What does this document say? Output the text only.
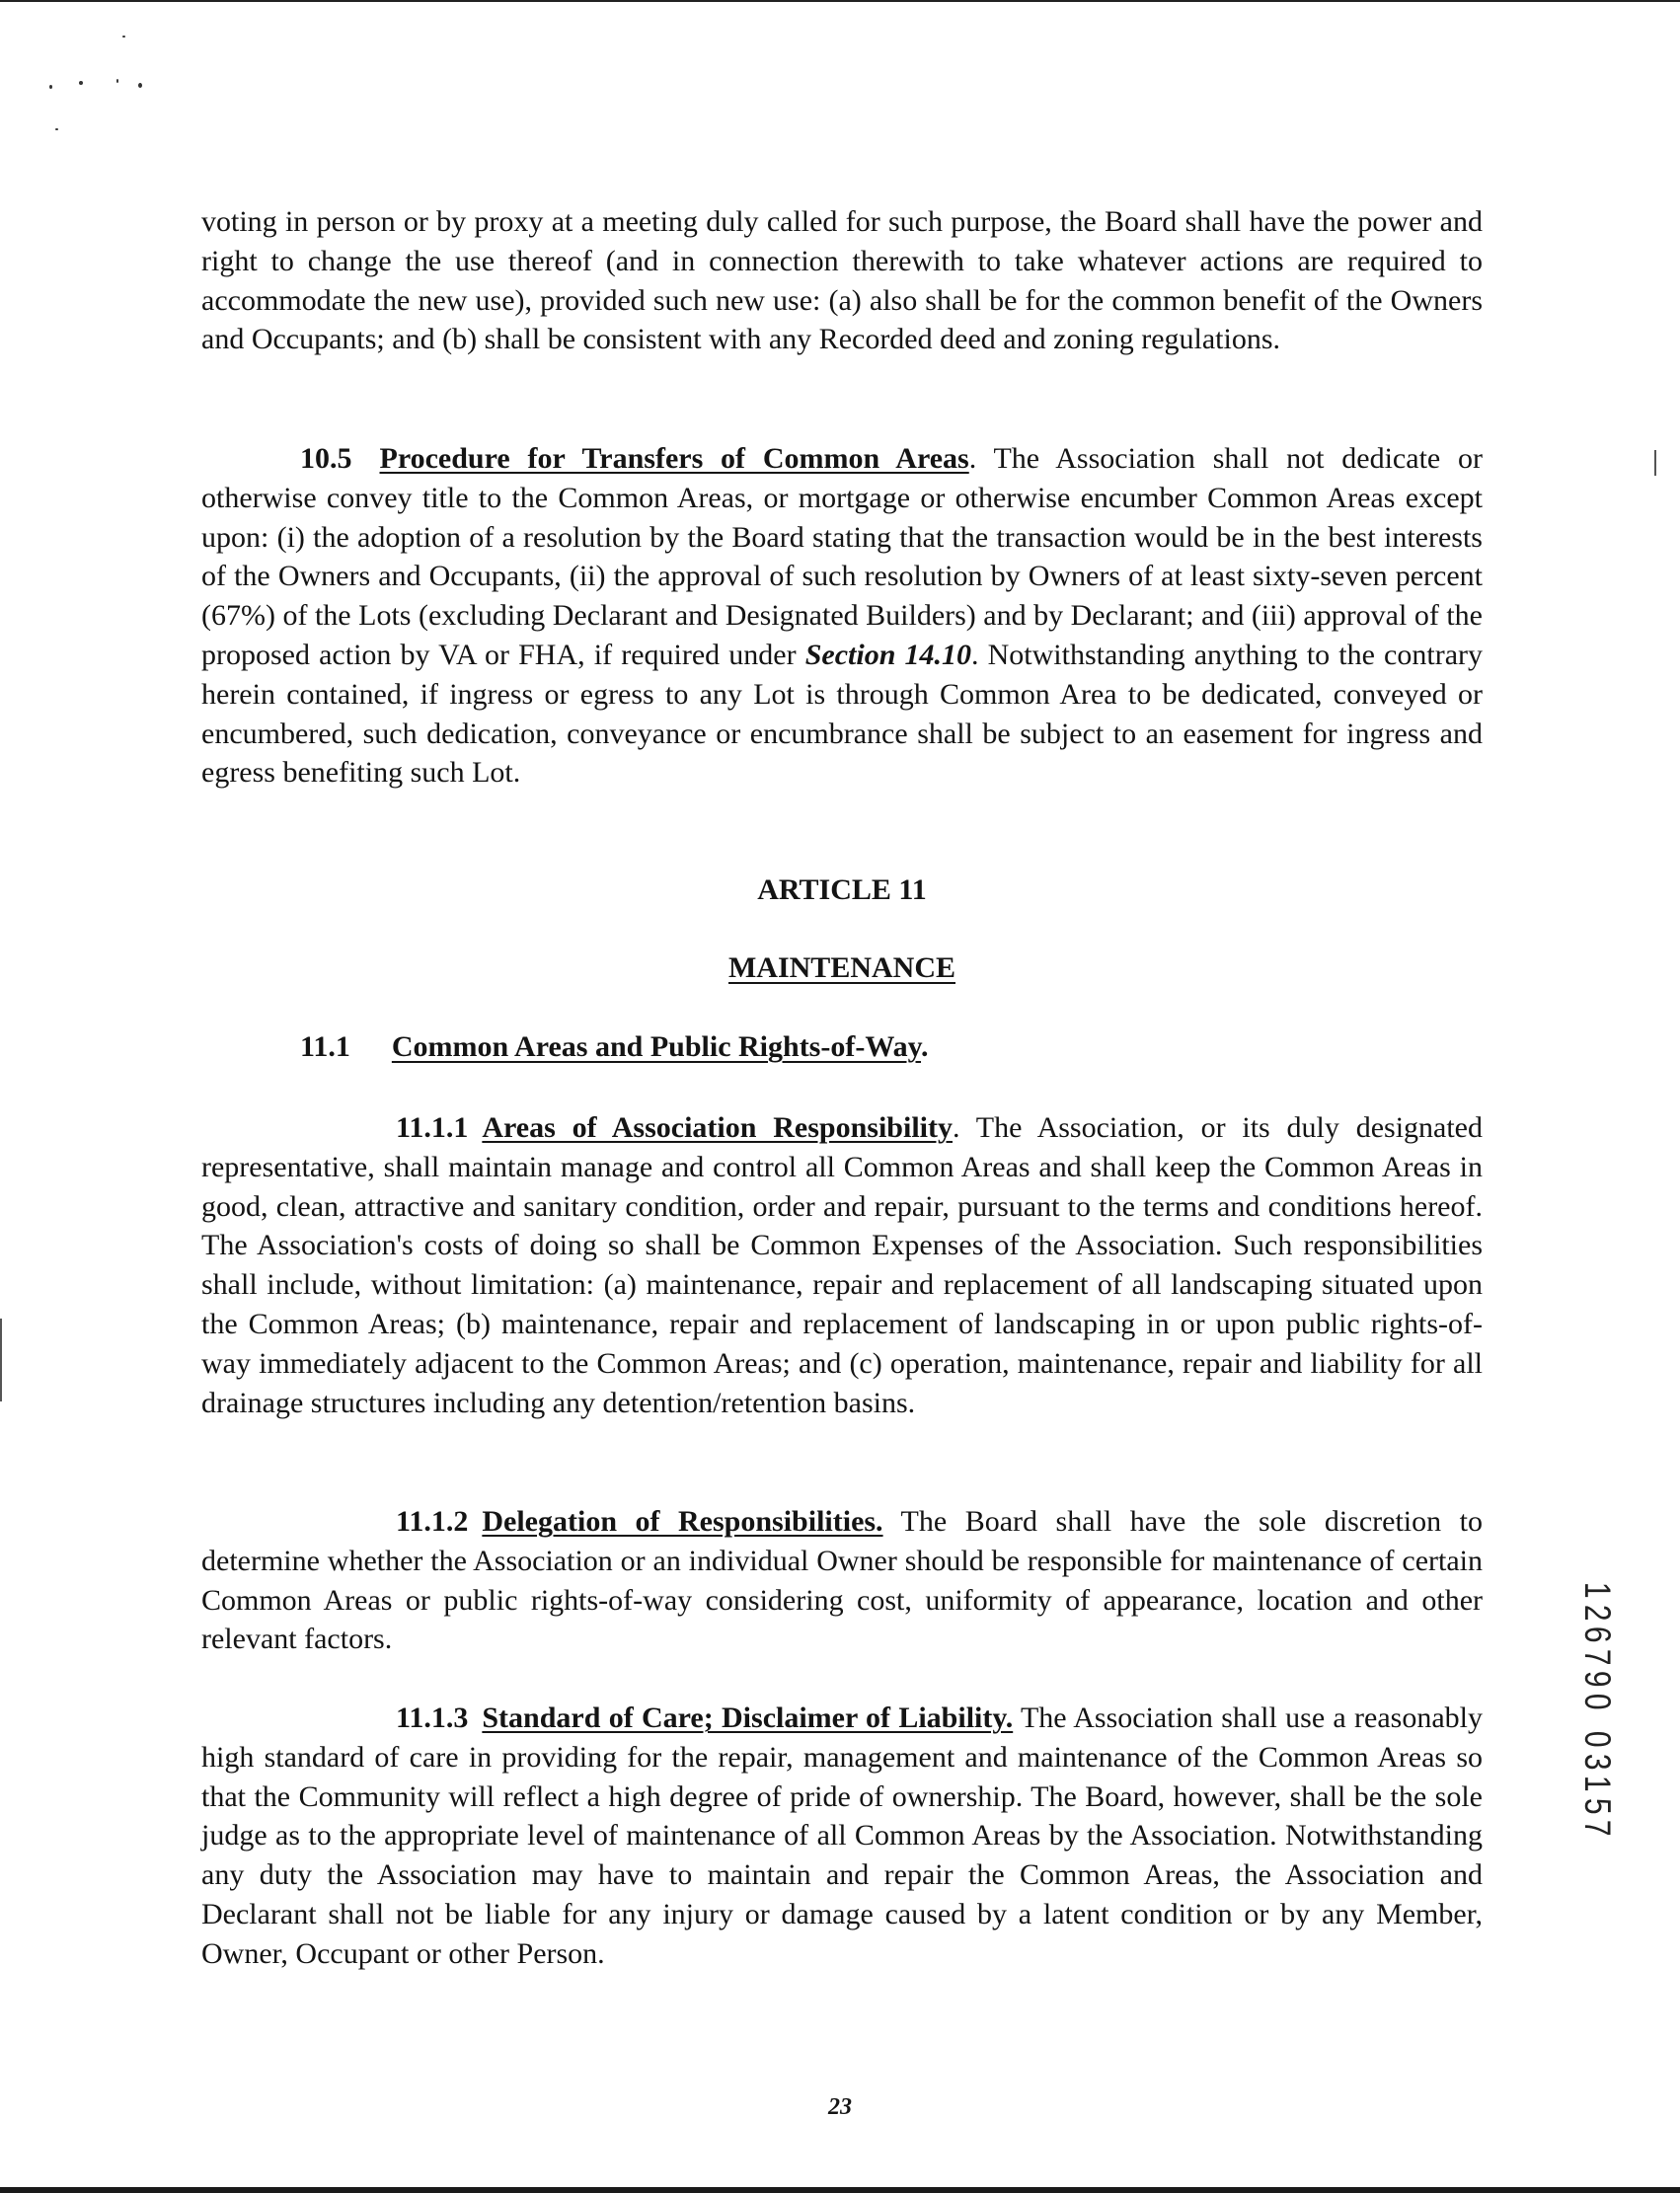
voting in person or by proxy at a meeting duly called for such purpose, the Board shall have the power and right to change the use thereof (and in connection therewith to take whatever actions are required to accommodate the new use), provided such new use: (a) also shall be for the common benefit of the Owners and Occupants; and (b) shall be consistent with any Recorded deed and zoning regulations.

10.5 Procedure for Transfers of Common Areas. The Association shall not dedicate or otherwise convey title to the Common Areas, or mortgage or otherwise encumber Common Areas except upon: (i) the adoption of a resolution by the Board stating that the transaction would be in the best interests of the Owners and Occupants, (ii) the approval of such resolution by Owners of at least sixty-seven percent (67%) of the Lots (excluding Declarant and Designated Builders) and by Declarant; and (iii) approval of the proposed action by VA or FHA, if required under Section 14.10. Notwithstanding anything to the contrary herein contained, if ingress or egress to any Lot is through Common Area to be dedicated, conveyed or encumbered, such dedication, conveyance or encumbrance shall be subject to an easement for ingress and egress benefiting such Lot.

ARTICLE 11

MAINTENANCE

11.1 Common Areas and Public Rights-of-Way.

11.1.1 Areas of Association Responsibility. The Association, or its duly designated representative, shall maintain manage and control all Common Areas and shall keep the Common Areas in good, clean, attractive and sanitary condition, order and repair, pursuant to the terms and conditions hereof. The Association's costs of doing so shall be Common Expenses of the Association. Such responsibilities shall include, without limitation: (a) maintenance, repair and replacement of all landscaping situated upon the Common Areas; (b) maintenance, repair and replacement of landscaping in or upon public rights-of-way immediately adjacent to the Common Areas; and (c) operation, maintenance, repair and liability for all drainage structures including any detention/retention basins.

11.1.2 Delegation of Responsibilities. The Board shall have the sole discretion to determine whether the Association or an individual Owner should be responsible for maintenance of certain Common Areas or public rights-of-way considering cost, uniformity of appearance, location and other relevant factors.

11.1.3 Standard of Care; Disclaimer of Liability. The Association shall use a reasonably high standard of care in providing for the repair, management and maintenance of the Common Areas so that the Community will reflect a high degree of pride of ownership. The Board, however, shall be the sole judge as to the appropriate level of maintenance of all Common Areas by the Association. Notwithstanding any duty the Association may have to maintain and repair the Common Areas, the Association and Declarant shall not be liable for any injury or damage caused by a latent condition or by any Member, Owner, Occupant or other Person.

1
2
6
7
9
0
0
3
1
5
7
23
